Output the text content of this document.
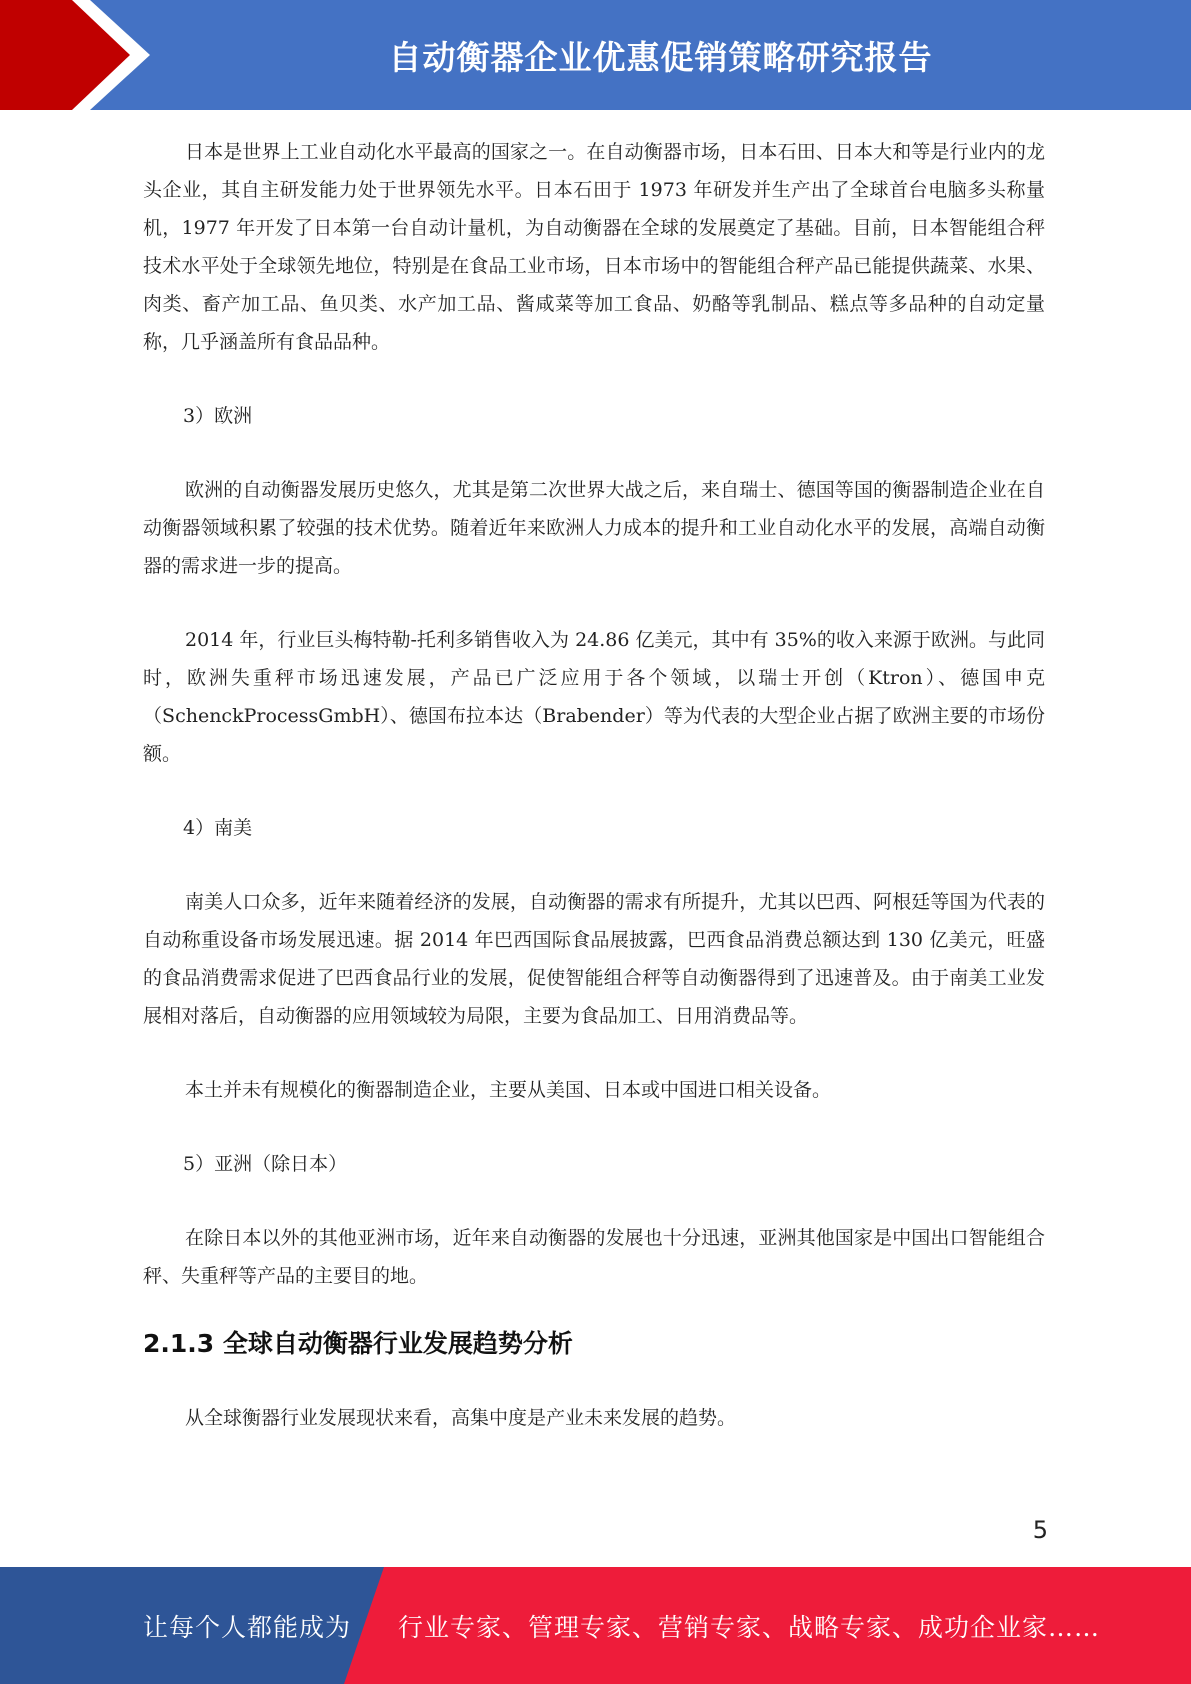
自动衡器企业优惠促销策略研究报告

日本是世界上工业自动化水平最高的国家之一。在自动衡器市场，日本石田、日本大和等是行业内的龙头企业，其自主研发能力处于世界领先水平。日本石田于 1973 年研发并生产出了全球首台电脑多头称量机，1977 年开发了日本第一台自动计量机，为自动衡器在全球的发展奠定了基础。目前，日本智能组合秤技术水平处于全球领先地位，特别是在食品工业市场，日本市场中的智能组合秤产品已能提供蔬菜、水果、肉类、畜产加工品、鱼贝类、水产加工品、酱咸菜等加工食品、奶酪等乳制品、糕点等多品种的自动定量称，几乎涵盖所有食品品种。

3）欧洲

欧洲的自动衡器发展历史悠久，尤其是第二次世界大战之后，来自瑞士、德国等国的衡器制造企业在自动衡器领域积累了较强的技术优势。随着近年来欧洲人力成本的提升和工业自动化水平的发展，高端自动衡器的需求进一步的提高。

2014 年，行业巨头梅特勒-托利多销售收入为 24.86 亿美元，其中有 35%的收入来源于欧洲。与此同时，欧洲失重秤市场迅速发展，产品已广泛应用于各个领域，以瑞士开创（Ktron）、德国申克（SchenckProcessGmbH）、德国布拉本达（Brabender）等为代表的大型企业占据了欧洲主要的市场份额。

4）南美

南美人口众多，近年来随着经济的发展，自动衡器的需求有所提升，尤其以巴西、阿根廷等国为代表的自动称重设备市场发展迅速。据 2014 年巴西国际食品展披露，巴西食品消费总额达到 130 亿美元，旺盛的食品消费需求促进了巴西食品行业的发展，促使智能组合秤等自动衡器得到了迅速普及。由于南美工业发展相对落后，自动衡器的应用领域较为局限，主要为食品加工、日用消费品等。

本土并未有规模化的衡器制造企业，主要从美国、日本或中国进口相关设备。

5）亚洲（除日本）

在除日本以外的其他亚洲市场，近年来自动衡器的发展也十分迅速，亚洲其他国家是中国出口智能组合秤、失重秤等产品的主要目的地。

2.1.3 全球自动衡器行业发展趋势分析

从全球衡器行业发展现状来看，高集中度是产业未来发展的趋势。

5
让每个人都能成为 行业专家、管理专家、营销专家、战略专家、成功企业家……
